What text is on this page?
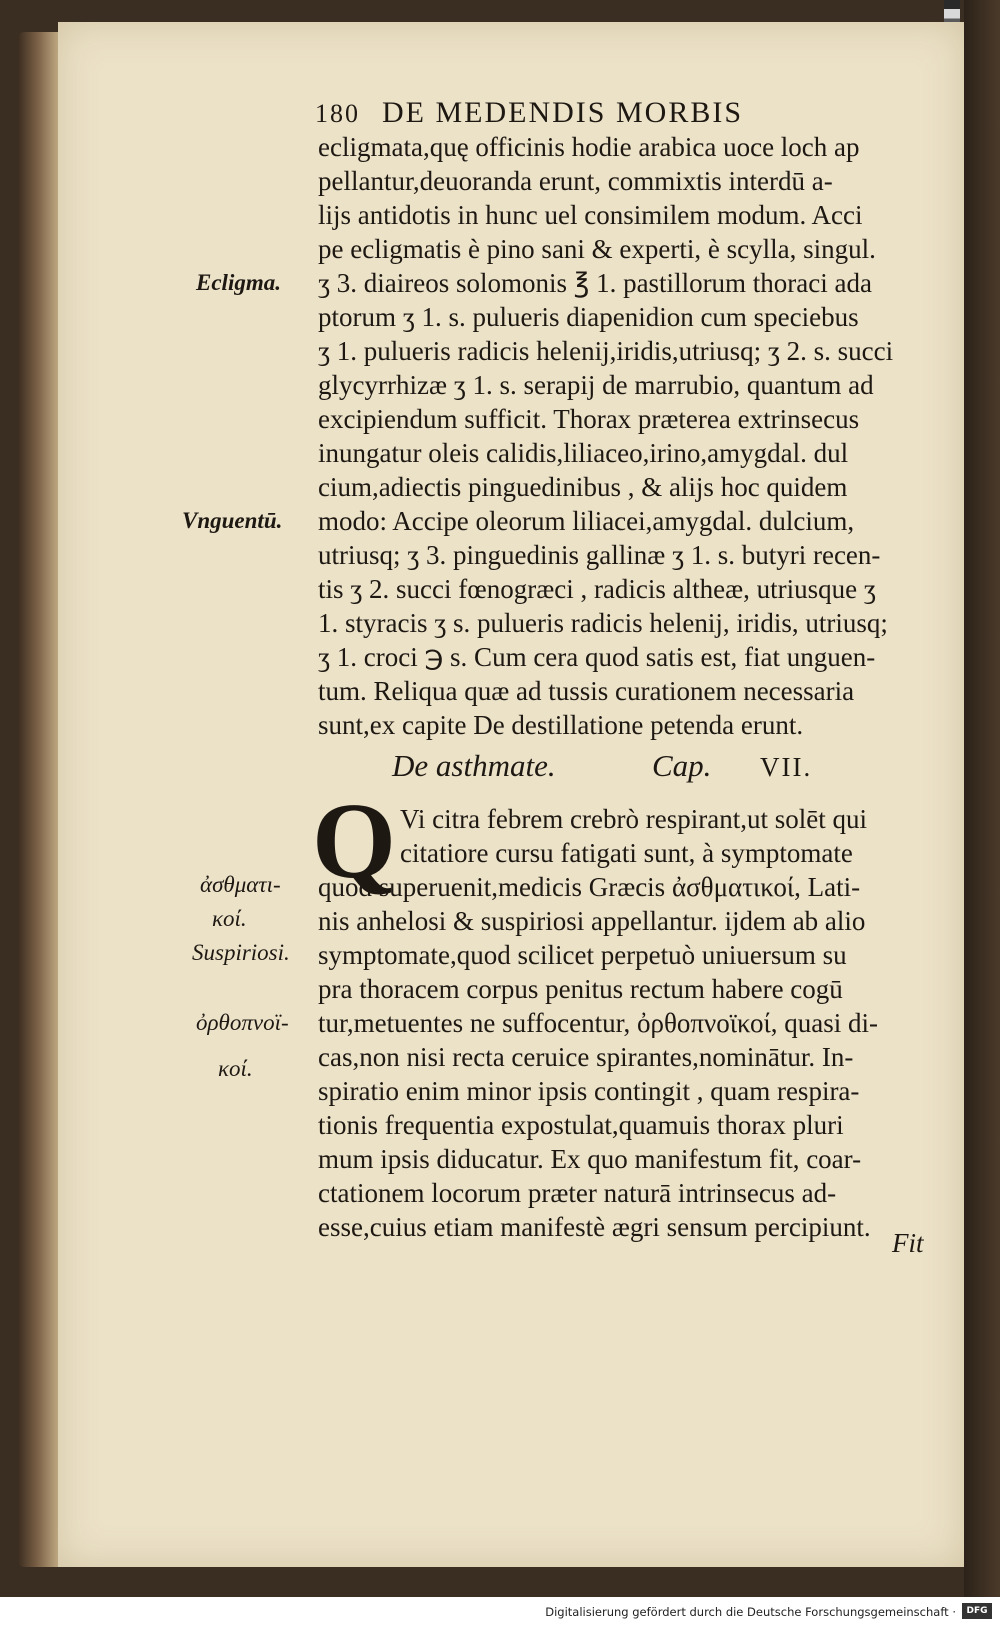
180 DE MEDENDIS MORBIS
ecligmata,quę officinis hodie arabica uoce loch ap
pellantur,deuoranda erunt, commixtis interdū a-
lijs antidotis in hunc uel consimilem modum. Acci
pe ecligmatis è pino sani & experti, è scylla, singul.
ʒ 3. diaireos solomonis ℥ 1. pastillorum thoraci ada
ptorum ʒ 1. s. pulueris diapenidion cum speciebus
ʒ 1. pulueris radicis helenij,iridis,utriusq; ʒ 2. s. succi
glycyrrhizæ ʒ 1. s. serapij de marrubio, quantum ad
excipiendum sufficit. Thorax præterea extrinsecus
inungatur oleis calidis,liliaceo,irino,amygdal. dul
cium,adiectis pinguedinibus , & alijs hoc quidem
modo: Accipe oleorum liliacei,amygdal. dulcium,
utriusq; ʒ 3. pinguedinis gallinæ ʒ 1. s. butyri recen-
tis ʒ 2. succi fœnogræci , radicis altheæ, utriusque ʒ
1. styracis ʒ s. pulueris radicis helenij, iridis, utriusq;
ʒ 1. croci ℈ s. Cum cera quod satis est, fiat unguen-
tum. Reliqua quæ ad tussis curationem necessaria
sunt,ex capite De destillatione petenda erunt.
De asthmate.	Cap. VII.
Q Vi citra febrem crebrò respirant,ut solēt qui
citatiore cursu fatigati sunt, à symptomate
quod superuenit,medicis Græcis ἀσθματικοί, Lati-
nis anhelosi & suspiriosi appellantur. ijdem ab alio
symptomate,quod scilicet perpetuò uniuersum su
pra thoracem corpus penitus rectum habere cogū
tur,metuentes ne suffocentur, ὀρθοπνοϊκοί, quasi di-
cas,non nisi recta ceruice spirantes,nominātur. In-
spiratio enim minor ipsis contingit , quam respira-
tionis frequentia expostulat,quamuis thorax pluri
mum ipsis diducatur. Ex quo manifestum fit, coar-
ctationem locorum præter naturā intrinsecus ad-
esse,cuius etiam manifestè ægri sensum percipiunt.
Ecligma.
Vnguentū.
ἀσθματι-
κοί.
Suspiriosi.
ὀρθοπνοϊ-
κοί.
Fit
Digitalisierung gefördert durch die Deutsche Forschungsgemeinschaft ·	DFG
